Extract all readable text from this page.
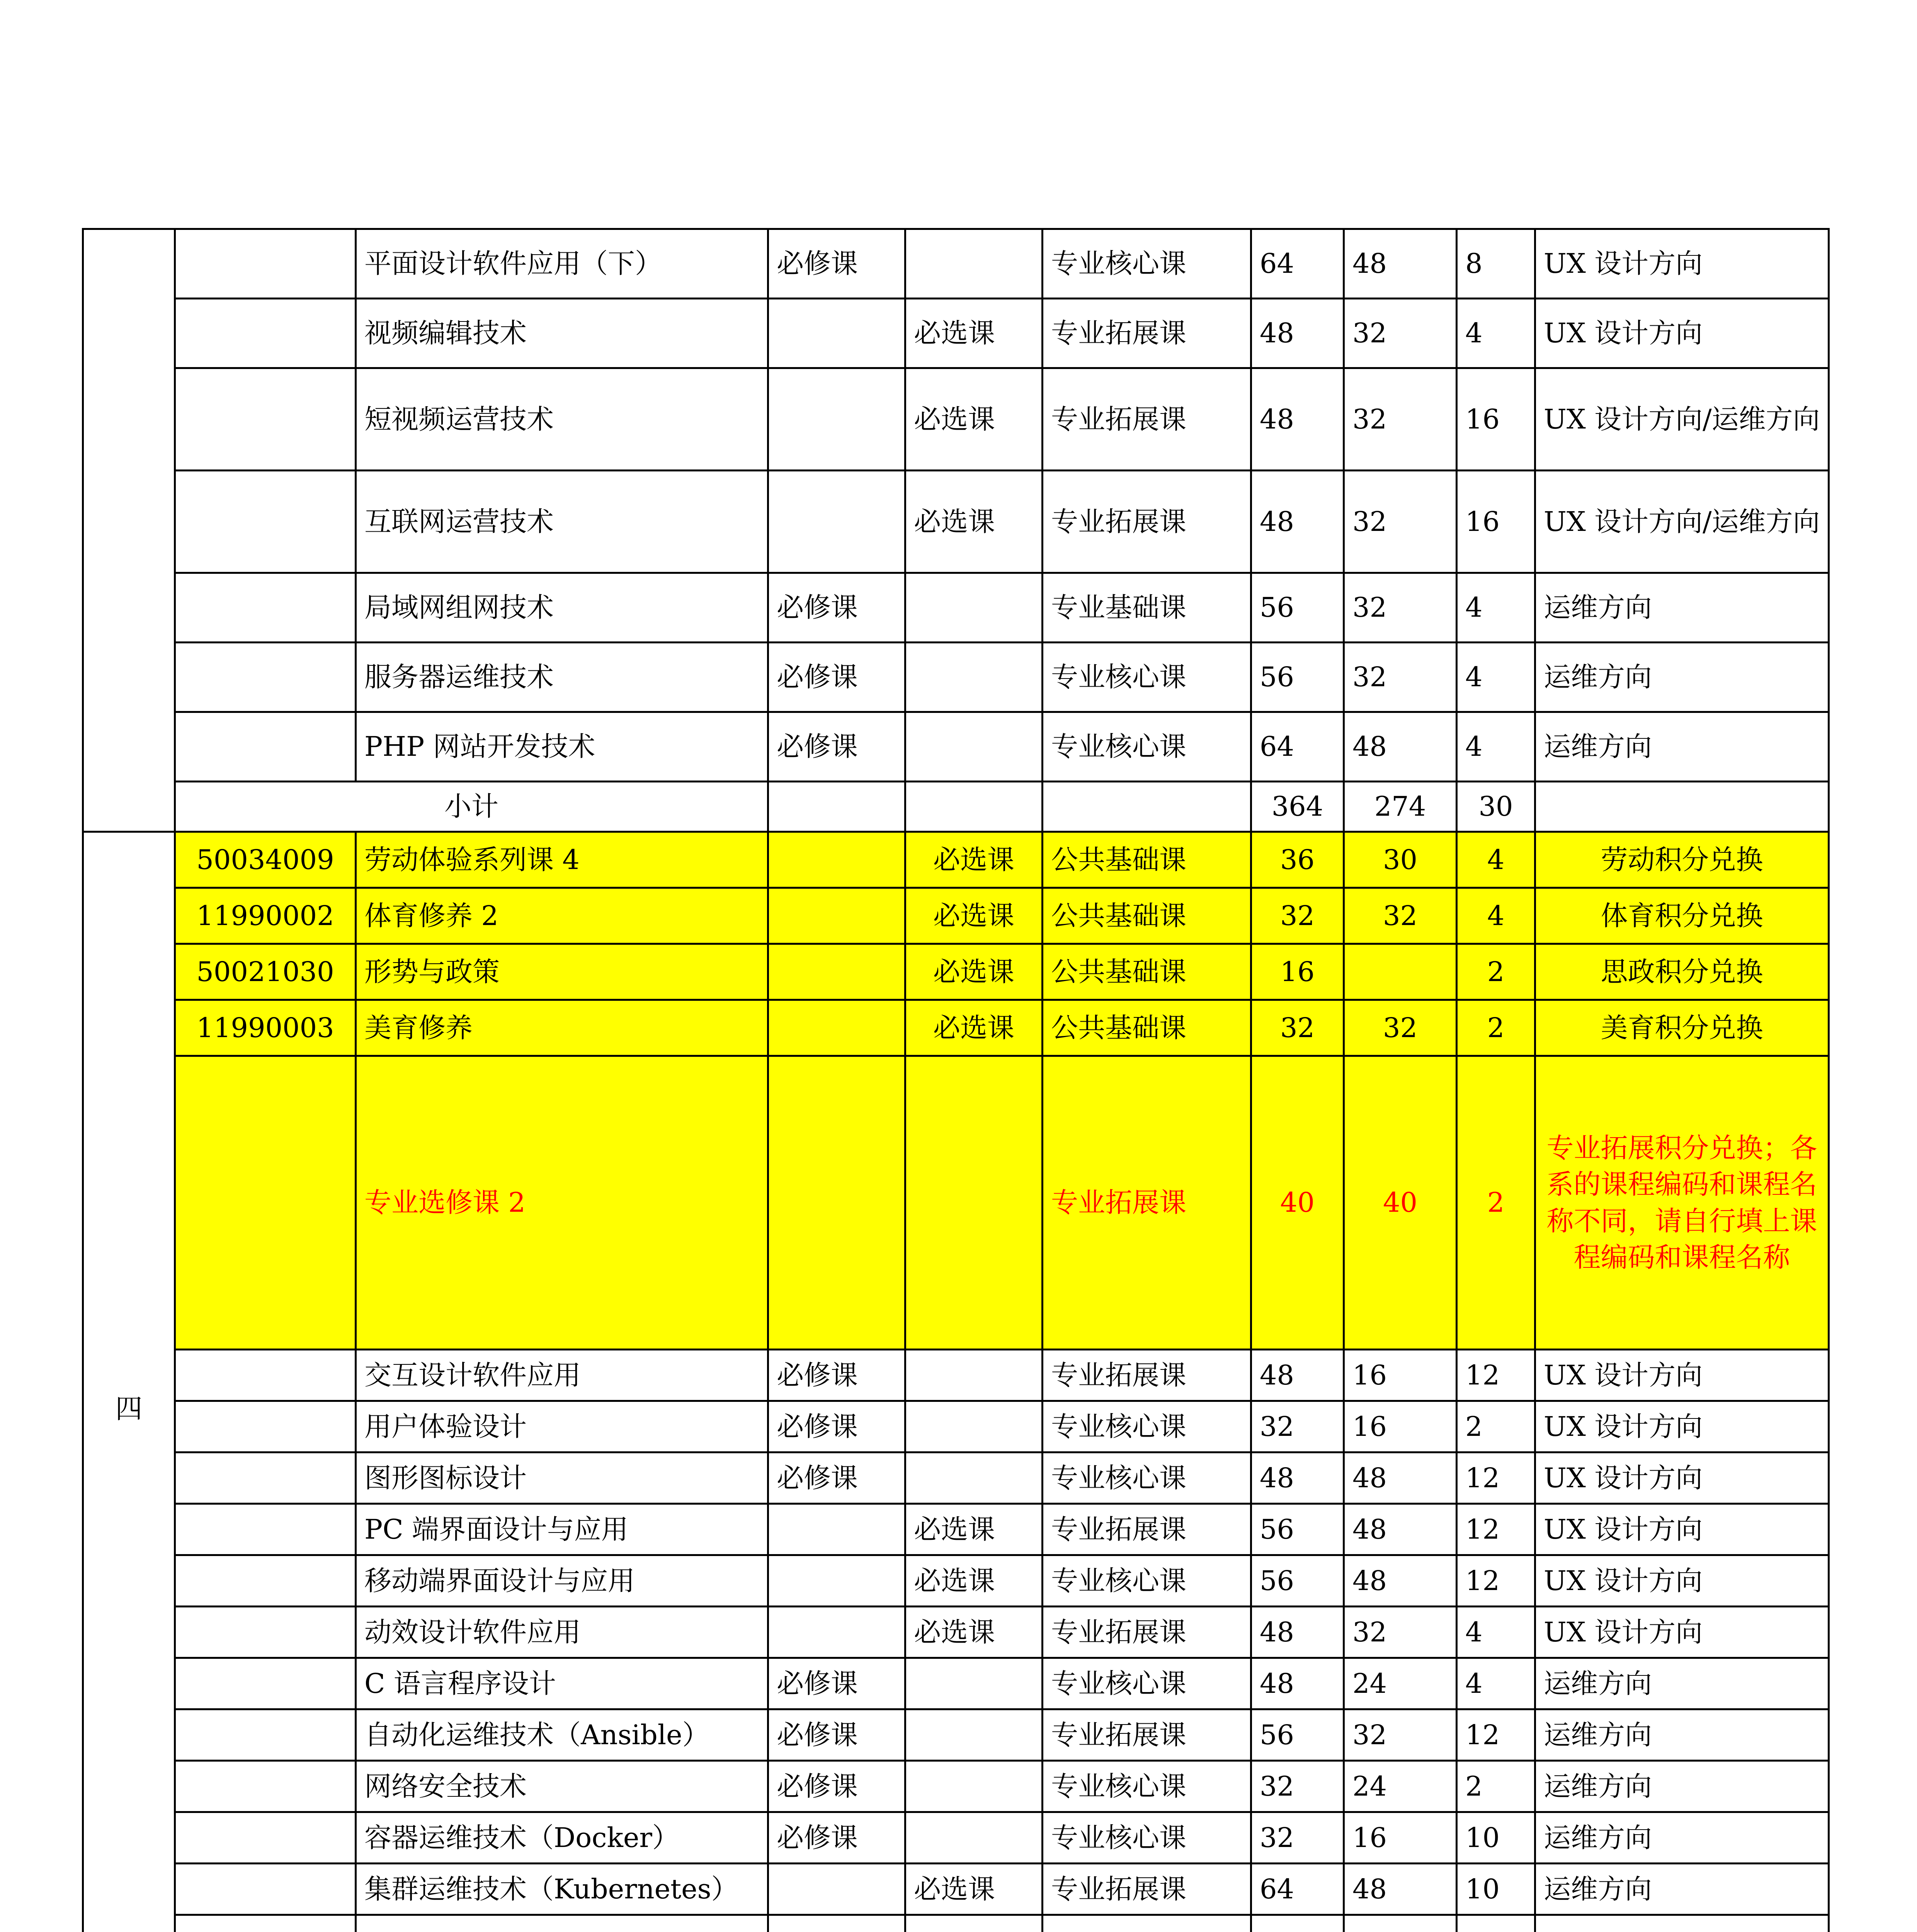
		平面设计软件应用（下）	必修课		专业核心课	64	48	8	UX 设计方向
		视频编辑技术		必选课	专业拓展课	48	32	4	UX 设计方向
		短视频运营技术		必选课	专业拓展课	48	32	16	UX 设计方向/运维方向
		互联网运营技术		必选课	专业拓展课	48	32	16	UX 设计方向/运维方向
		局域网组网技术	必修课		专业基础课	56	32	4	运维方向
		服务器运维技术	必修课		专业核心课	56	32	4	运维方向
		PHP 网站开发技术	必修课		专业核心课	64	48	4	运维方向
	小计					364	274	30	
四	50034009	劳动体验系列课 4		必选课	公共基础课	36	30	4	劳动积分兑换
	11990002	体育修养 2		必选课	公共基础课	32	32	4	体育积分兑换
	50021030	形势与政策		必选课	公共基础课	16		2	思政积分兑换
	11990003	美育修养		必选课	公共基础课	32	32	2	美育积分兑换
		专业选修课 2			专业拓展课	40	40	2	专业拓展积分兑换；各系的课程编码和课程名称不同，请自行填上课程编码和课程名称
		交互设计软件应用	必修课		专业拓展课	48	16	12	UX 设计方向
		用户体验设计	必修课		专业核心课	32	16	2	UX 设计方向
		图形图标设计	必修课		专业核心课	48	48	12	UX 设计方向
		PC 端界面设计与应用		必选课	专业拓展课	56	48	12	UX 设计方向
		移动端界面设计与应用		必选课	专业核心课	56	48	12	UX 设计方向
		动效设计软件应用		必选课	专业拓展课	48	32	4	UX 设计方向
		C 语言程序设计	必修课		专业核心课	48	24	4	运维方向
		自动化运维技术（Ansible）	必修课		专业拓展课	56	32	12	运维方向
		网络安全技术	必修课		专业核心课	32	24	2	运维方向
		容器运维技术（Docker）	必修课		专业核心课	32	16	10	运维方向
		集群运维技术（Kubernetes）		必选课	专业拓展课	64	48	10	运维方向
